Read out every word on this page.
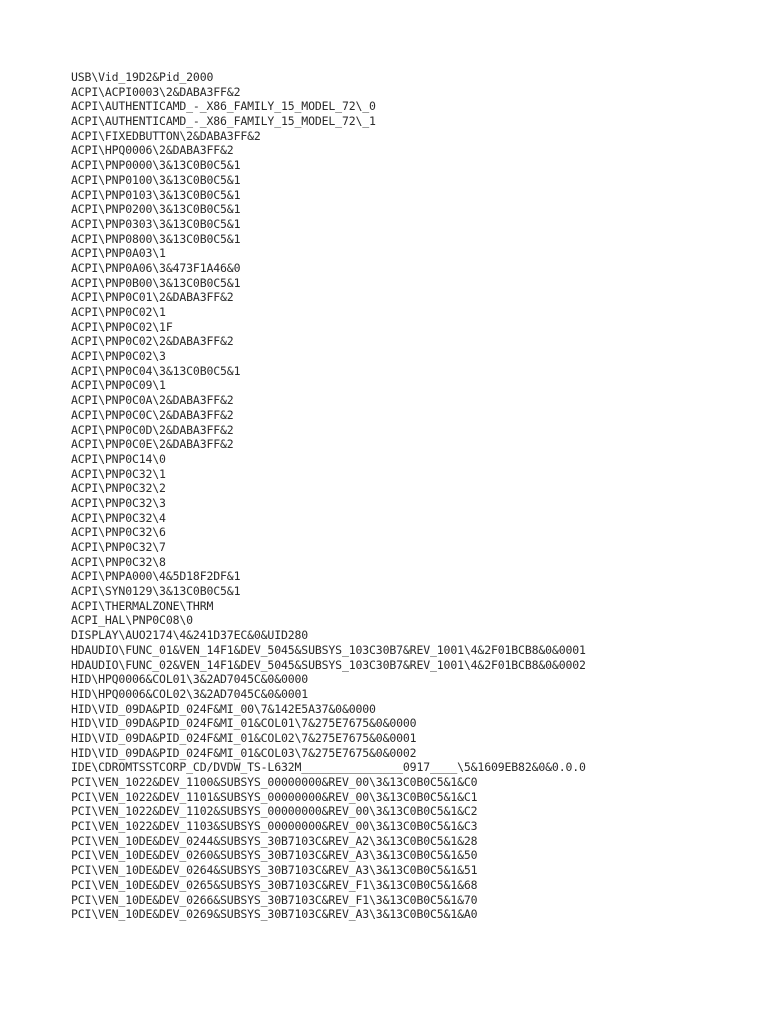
USB\Vid_19D2&Pid_2000
ACPI\ACPI0003\2&DABA3FF&2
ACPI\AUTHENTICAMD_-_X86_FAMILY_15_MODEL_72\_0
ACPI\AUTHENTICAMD_-_X86_FAMILY_15_MODEL_72\_1
ACPI\FIXEDBUTTON\2&DABA3FF&2
ACPI\HPQ0006\2&DABA3FF&2
ACPI\PNP0000\3&13C0B0C5&1
ACPI\PNP0100\3&13C0B0C5&1
ACPI\PNP0103\3&13C0B0C5&1
ACPI\PNP0200\3&13C0B0C5&1
ACPI\PNP0303\3&13C0B0C5&1
ACPI\PNP0800\3&13C0B0C5&1
ACPI\PNP0A03\1
ACPI\PNP0A06\3&473F1A46&0
ACPI\PNP0B00\3&13C0B0C5&1
ACPI\PNP0C01\2&DABA3FF&2
ACPI\PNP0C02\1
ACPI\PNP0C02\1F
ACPI\PNP0C02\2&DABA3FF&2
ACPI\PNP0C02\3
ACPI\PNP0C04\3&13C0B0C5&1
ACPI\PNP0C09\1
ACPI\PNP0C0A\2&DABA3FF&2
ACPI\PNP0C0C\2&DABA3FF&2
ACPI\PNP0C0D\2&DABA3FF&2
ACPI\PNP0C0E\2&DABA3FF&2
ACPI\PNP0C14\0
ACPI\PNP0C32\1
ACPI\PNP0C32\2
ACPI\PNP0C32\3
ACPI\PNP0C32\4
ACPI\PNP0C32\6
ACPI\PNP0C32\7
ACPI\PNP0C32\8
ACPI\PNPA000\4&5D18F2DF&1
ACPI\SYN0129\3&13C0B0C5&1
ACPI\THERMALZONE\THRM
ACPI_HAL\PNP0C08\0
DISPLAY\AUO2174\4&241D37EC&0&UID280
HDAUDIO\FUNC_01&VEN_14F1&DEV_5045&SUBSYS_103C30B7&REV_1001\4&2F01BCB8&0&0001
HDAUDIO\FUNC_02&VEN_14F1&DEV_5045&SUBSYS_103C30B7&REV_1001\4&2F01BCB8&0&0002
HID\HPQ0006&COL01\3&2AD7045C&0&0000
HID\HPQ0006&COL02\3&2AD7045C&0&0001
HID\VID_09DA&PID_024F&MI_00\7&142E5A37&0&0000
HID\VID_09DA&PID_024F&MI_01&COL01\7&275E7675&0&0000
HID\VID_09DA&PID_024F&MI_01&COL02\7&275E7675&0&0001
HID\VID_09DA&PID_024F&MI_01&COL03\7&275E7675&0&0002
IDE\CDROMTSSTCORP_CD/DVDW_TS-L632M_______________0917____\5&1609EB82&0&0.0.0
PCI\VEN_1022&DEV_1100&SUBSYS_00000000&REV_00\3&13C0B0C5&1&C0
PCI\VEN_1022&DEV_1101&SUBSYS_00000000&REV_00\3&13C0B0C5&1&C1
PCI\VEN_1022&DEV_1102&SUBSYS_00000000&REV_00\3&13C0B0C5&1&C2
PCI\VEN_1022&DEV_1103&SUBSYS_00000000&REV_00\3&13C0B0C5&1&C3
PCI\VEN_10DE&DEV_0244&SUBSYS_30B7103C&REV_A2\3&13C0B0C5&1&28
PCI\VEN_10DE&DEV_0260&SUBSYS_30B7103C&REV_A3\3&13C0B0C5&1&50
PCI\VEN_10DE&DEV_0264&SUBSYS_30B7103C&REV_A3\3&13C0B0C5&1&51
PCI\VEN_10DE&DEV_0265&SUBSYS_30B7103C&REV_F1\3&13C0B0C5&1&68
PCI\VEN_10DE&DEV_0266&SUBSYS_30B7103C&REV_F1\3&13C0B0C5&1&70
PCI\VEN_10DE&DEV_0269&SUBSYS_30B7103C&REV_A3\3&13C0B0C5&1&A0
